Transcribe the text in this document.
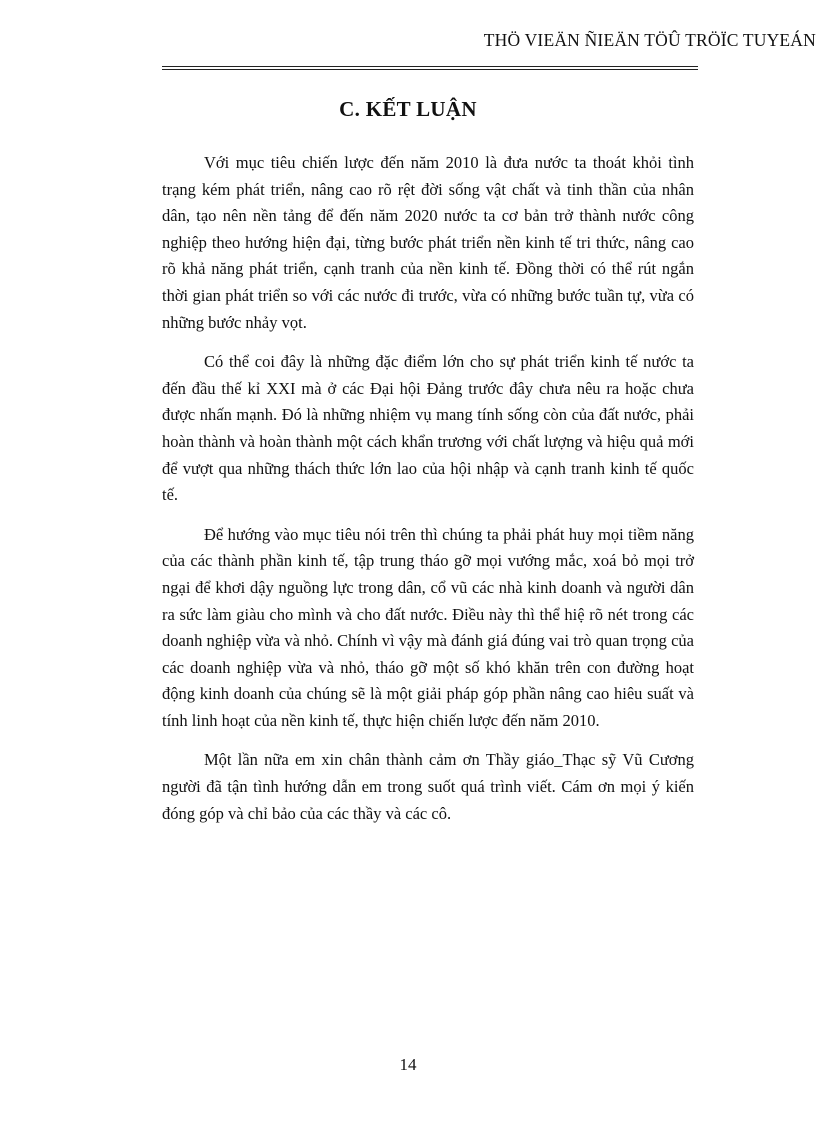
THÖ VIEÄN ÑIEÄN TÖÛ TRÖÏC TUYEÁN
C. KẾT LUẬN

Với mục tiêu chiến lược đến năm 2010 là đưa nước ta thoát khỏi tình trạng kém phát triển, nâng cao rõ rệt đời sống vật chất và tinh thần của nhân dân, tạo nên nền tảng để đến năm 2020 nước ta cơ bản trở thành nước công nghiệp theo hướng hiện đại, từng bước phát triển nền kinh tế tri thức, nâng cao rõ khả năng phát triển, cạnh tranh của nền kinh tế. Đồng thời có thể rút ngắn thời gian phát triển so với các nước đi trước, vừa có những bước tuần tự, vừa có những bước nhảy vọt.

Có thể coi đây là những đặc điểm lớn cho sự phát triển kinh tế nước ta đến đầu thế kỉ XXI mà ở các Đại hội Đảng trước đây chưa nêu ra hoặc chưa được nhấn mạnh. Đó là những nhiệm vụ mang tính sống còn của đất nước, phải hoàn thành và hoàn thành một cách khẩn trương với chất lượng và hiệu quả mới để vượt qua những thách thức lớn lao của hội nhập và cạnh tranh kinh tế quốc tế.

Để hướng vào mục tiêu nói trên thì chúng ta phải phát huy mọi tiềm năng của các thành phần kinh tế, tập trung tháo gỡ mọi vướng mắc, xoá bỏ mọi trở ngại để khơi dậy nguồng lực trong dân, cổ vũ các nhà kinh doanh và người dân ra sức làm giàu cho mình và cho đất nước. Điều này thì thể hiệ rõ nét trong các doanh nghiệp vừa và nhỏ. Chính vì vậy mà đánh giá đúng vai trò quan trọng của các doanh nghiệp vừa và nhỏ, tháo gỡ một số khó khăn trên con đường hoạt động kinh doanh của chúng sẽ là một giải pháp góp phần nâng cao hiêu suất và tính linh hoạt của nền kinh tế, thực hiện chiến lược đến năm 2010.

Một lần nữa em xin chân thành cảm ơn Thầy giáo_Thạc sỹ Vũ Cương người đã tận tình hướng dẫn em trong suốt quá trình viết. Cám ơn mọi ý kiến đóng góp và chỉ bảo của các thầy và các cô.

14
